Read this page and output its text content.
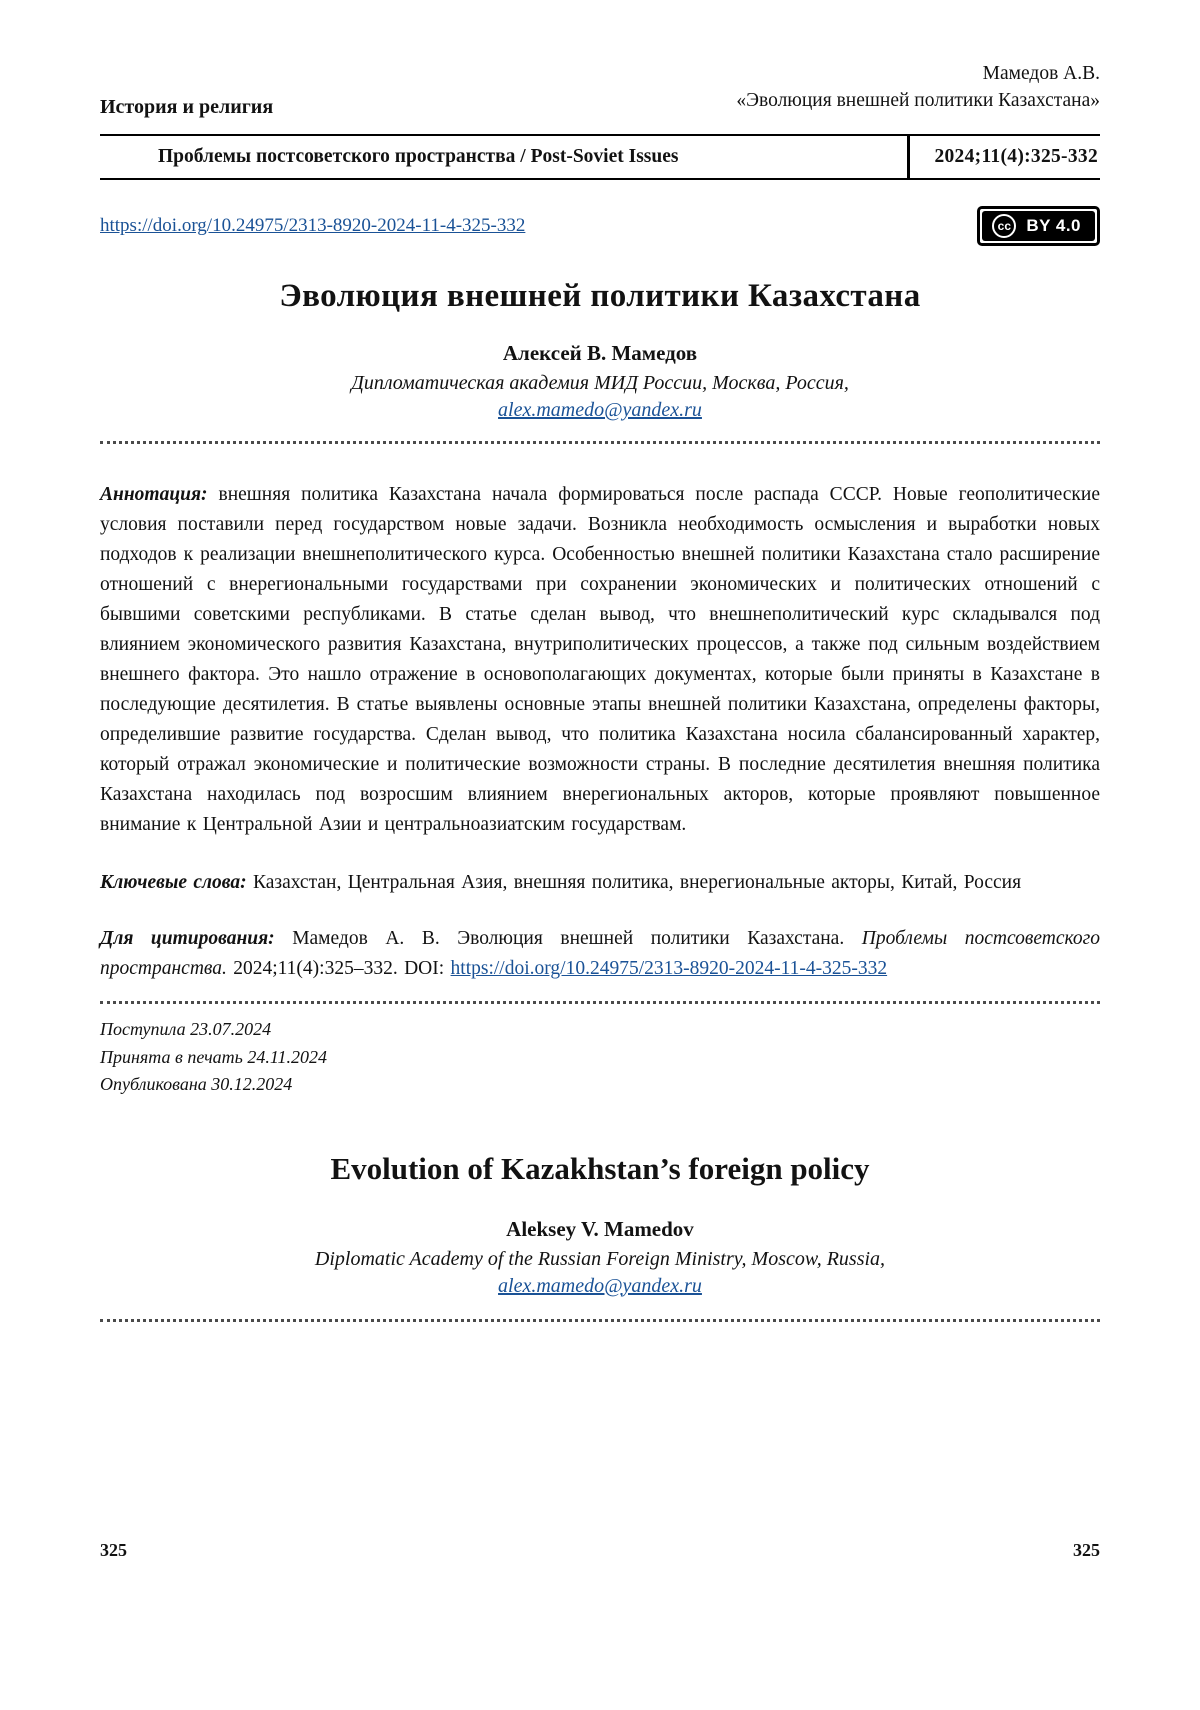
Мамедов А.В.
«Эволюция внешней политики Казахстана»
История и религия
Проблемы постсоветского пространства / Post-Soviet Issues	2024;11(4):325-332
https://doi.org/10.24975/2313-8920-2024-11-4-325-332	cc BY 4.0
Эволюция внешней политики Казахстана
Алексей В. Мамедов
Дипломатическая академия МИД России, Москва, Россия,
alex.mamedo@yandex.ru

Аннотация: внешняя политика Казахстана начала формироваться после распада СССР. Новые геополитические условия поставили перед государством новые задачи. Возникла необходимость осмысления и выработки новых подходов к реализации внешнеполитического курса. Особенностью внешней политики Казахстана стало расширение отношений с внерегиональными государствами при сохранении экономических и политических отношений с бывшими советскими республиками. В статье сделан вывод, что внешнеполитический курс складывался под влиянием экономического развития Казахстана, внутриполитических процессов, а также под сильным воздействием внешнего фактора. Это нашло отражение в основополагающих документах, которые были приняты в Казахстане в последующие десятилетия. В статье выявлены основные этапы внешней политики Казахстана, определены факторы, определившие развитие государства. Сделан вывод, что политика Казахстана носила сбалансированный характер, который отражал экономические и политические возможности страны. В последние десятилетия внешняя политика Казахстана находилась под возросшим влиянием внерегиональных акторов, которые проявляют повышенное внимание к Центральной Азии и центральноазиатским государствам.

Ключевые слова: Казахстан, Центральная Азия, внешняя политика, внерегиональные акторы, Китай, Россия

Для цитирования: Мамедов А. В. Эволюция внешней политики Казахстана. Проблемы постсоветского пространства. 2024;11(4):325–332. DOI: https://doi.org/10.24975/2313-8920-2024-11-4-325-332

Поступила 23.07.2024
Принята в печать 24.11.2024
Опубликована 30.12.2024
Evolution of Kazakhstan’s foreign policy
Aleksey V. Mamedov
Diplomatic Academy of the Russian Foreign Ministry, Moscow, Russia,
alex.mamedo@yandex.ru
325	325
